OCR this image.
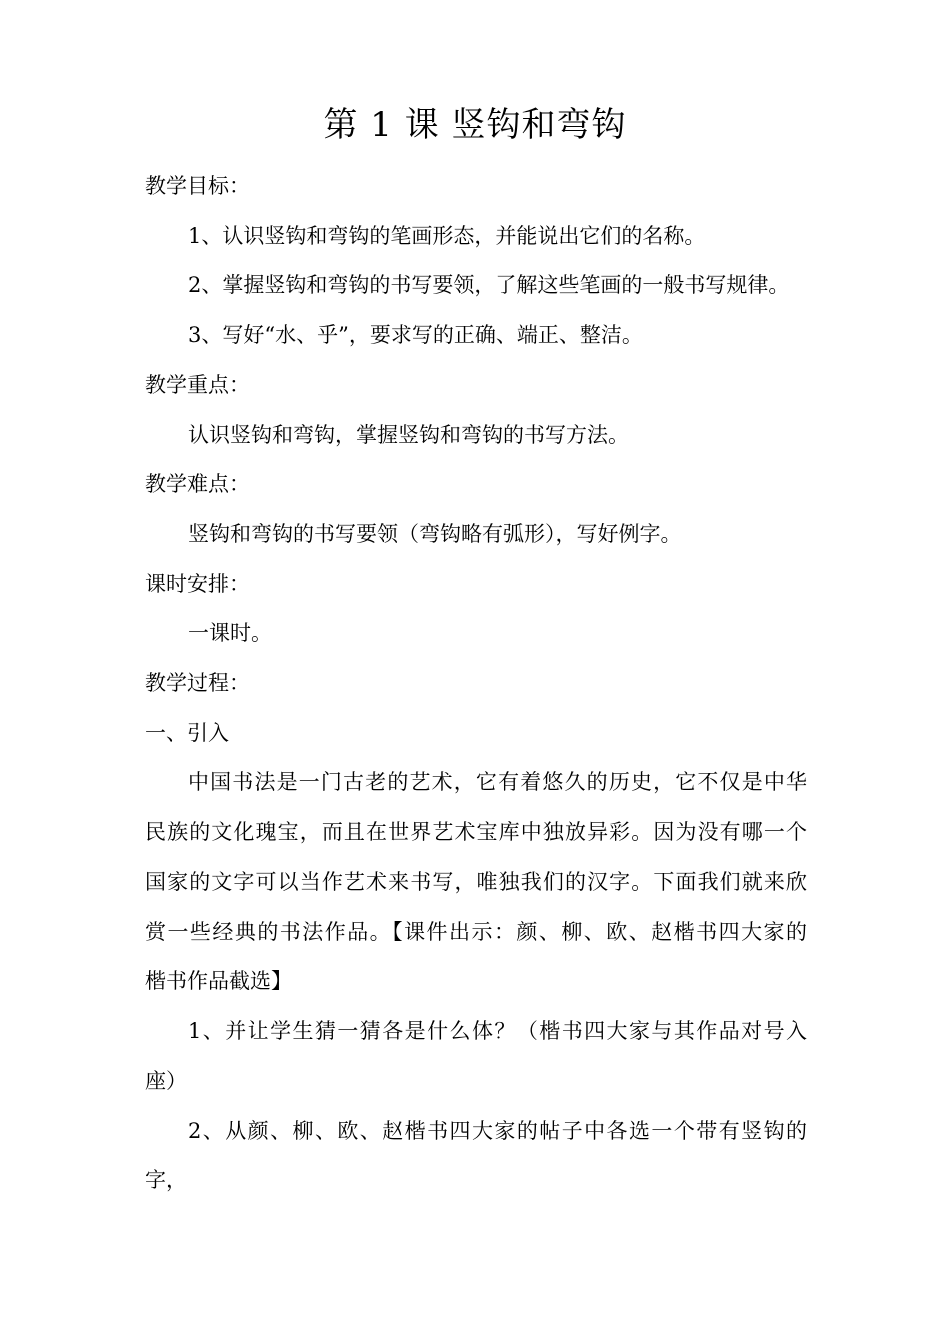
第 1 课 竖钩和弯钩
教学目标：
1、认识竖钩和弯钩的笔画形态，并能说出它们的名称。
2、掌握竖钩和弯钩的书写要领，了解这些笔画的一般书写规律。
3、写好“水、乎”，要求写的正确、端正、整洁。
教学重点：
认识竖钩和弯钩，掌握竖钩和弯钩的书写方法。
教学难点：
竖钩和弯钩的书写要领（弯钩略有弧形），写好例字。
课时安排：
一课时。
教学过程：
一、引入
中国书法是一门古老的艺术，它有着悠久的历史，它不仅是中华
民族的文化瑰宝，而且在世界艺术宝库中独放异彩。因为没有哪一个
国家的文字可以当作艺术来书写，唯独我们的汉字。下面我们就来欣
赏一些经典的书法作品。【课件出示：颜、柳、欧、赵楷书四大家的
楷书作品截选】
1、并让学生猜一猜各是什么体？（楷书四大家与其作品对号入
座）
2、从颜、柳、欧、赵楷书四大家的帖子中各选一个带有竖钩的
字，
